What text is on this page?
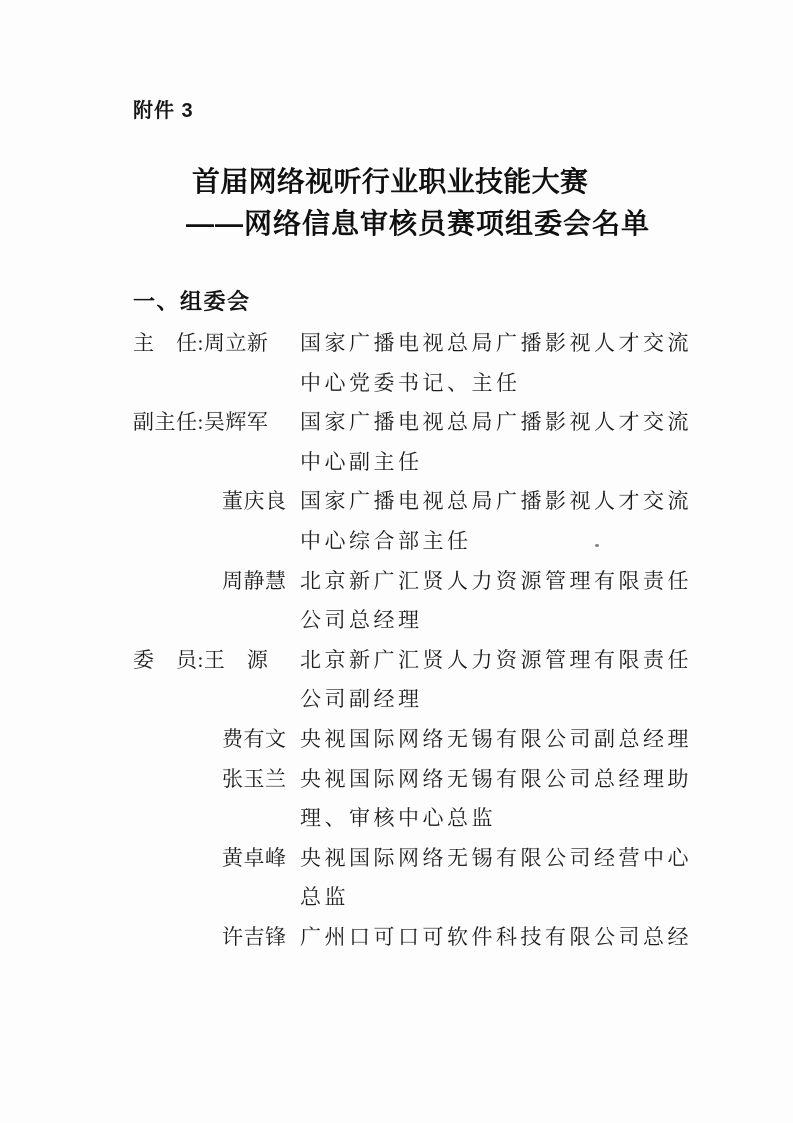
附件 3
首届网络视听行业职业技能大赛
——网络信息审核员赛项组委会名单
一、组委会
主　任:周立新	国家广播电视总局广播影视人才交流中心党委书记、主任
副主任:吴辉军	国家广播电视总局广播影视人才交流中心副主任
董庆良 国家广播电视总局广播影视人才交流中心综合部主任
周静慧 北京新广汇贤人力资源管理有限责任公司总经理
委　员:王　源	北京新广汇贤人力资源管理有限责任公司副经理
费有文 央视国际网络无锡有限公司副总经理
张玉兰 央视国际网络无锡有限公司总经理助理、审核中心总监
黄卓峰 央视国际网络无锡有限公司经营中心总监
许吉锋 广州口可口可软件科技有限公司总经
